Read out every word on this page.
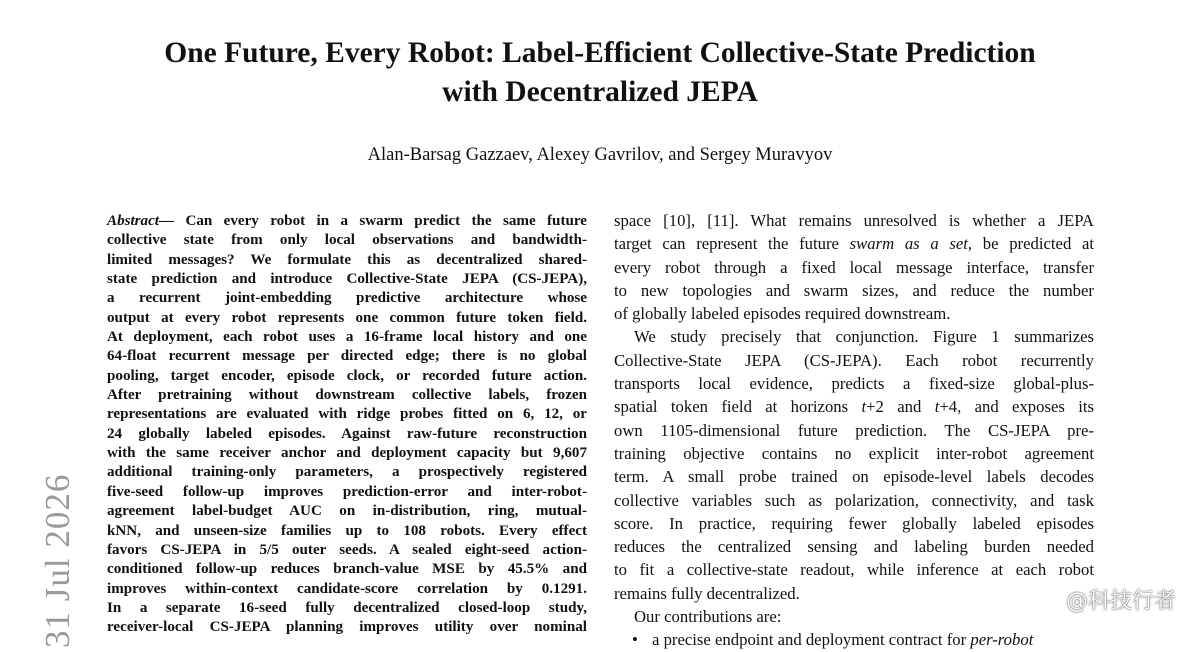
One Future, Every Robot: Label-Efficient Collective-State Prediction
with Decentralized JEPA
Alan-Barsag Gazzaev, Alexey Gavrilov, and Sergey Muravyov
31 Jul 2026
Abstract— Can every robot in a swarm predict the same future
collective state from only local observations and bandwidth-
limited messages? We formulate this as decentralized shared-
state prediction and introduce Collective-State JEPA (CS-JEPA),
a recurrent joint-embedding predictive architecture whose
output at every robot represents one common future token field.
At deployment, each robot uses a 16-frame local history and one
64-float recurrent message per directed edge; there is no global
pooling, target encoder, episode clock, or recorded future action.
After pretraining without downstream collective labels, frozen
representations are evaluated with ridge probes fitted on 6, 12, or
24 globally labeled episodes. Against raw-future reconstruction
with the same receiver anchor and deployment capacity but 9,607
additional training-only parameters, a prospectively registered
five-seed follow-up improves prediction-error and inter-robot-
agreement label-budget AUC on in-distribution, ring, mutual-
kNN, and unseen-size families up to 108 robots. Every effect
favors CS-JEPA in 5/5 outer seeds. A sealed eight-seed action-
conditioned follow-up reduces branch-value MSE by 45.5% and
improves within-context candidate-score correlation by 0.1291.
In a separate 16-seed fully decentralized closed-loop study,
receiver-local CS-JEPA planning improves utility over nominal
space [10], [11]. What remains unresolved is whether a JEPA
target can represent the future swarm as a set, be predicted at
every robot through a fixed local message interface, transfer
to new topologies and swarm sizes, and reduce the number
of globally labeled episodes required downstream.
We study precisely that conjunction. Figure 1 summarizes
Collective-State JEPA (CS-JEPA). Each robot recurrently
transports local evidence, predicts a fixed-size global-plus-
spatial token field at horizons t+2 and t+4, and exposes its
own 1105-dimensional future prediction. The CS-JEPA pre-
training objective contains no explicit inter-robot agreement
term. A small probe trained on episode-level labels decodes
collective variables such as polarization, connectivity, and task
score. In practice, requiring fewer globally labeled episodes
reduces the centralized sensing and labeling burden needed
to fit a collective-state readout, while inference at each robot
remains fully decentralized.
Our contributions are:
• a precise endpoint and deployment contract for per-robot
@科技行者
